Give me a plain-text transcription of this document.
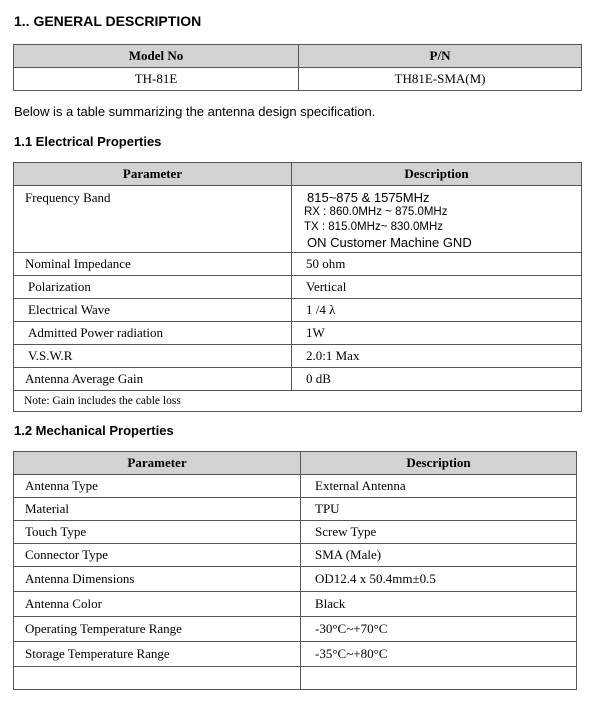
1.. GENERAL DESCRIPTION
Model No	P/N
TH-81E	TH81E-SMA(M)
Below is a table summarizing the antenna design specification.
1.1 Electrical Properties
Parameter	Description
Frequency Band	815~875 & 1575MHz
RX : 860.0MHz ~ 875.0MHz
TX : 815.0MHz~ 830.0MHz
ON Customer Machine GND

Nominal Impedance	50 ohm
Polarization	Vertical
Electrical Wave	1 /4 λ
Admitted Power radiation	1W
V.S.W.R	2.0:1 Max
Antenna Average Gain	0 dB
Note: Gain includes the cable loss	
1.2 Mechanical Properties
Parameter	Description
Antenna Type	External Antenna
Material	TPU
Touch Type	Screw Type
Connector Type	SMA (Male)
Antenna Dimensions	OD12.4 x 50.4mm±0.5
Antenna Color	Black
Operating Temperature Range	-30°C~+70°C
Storage Temperature Range	-35°C~+80°C
